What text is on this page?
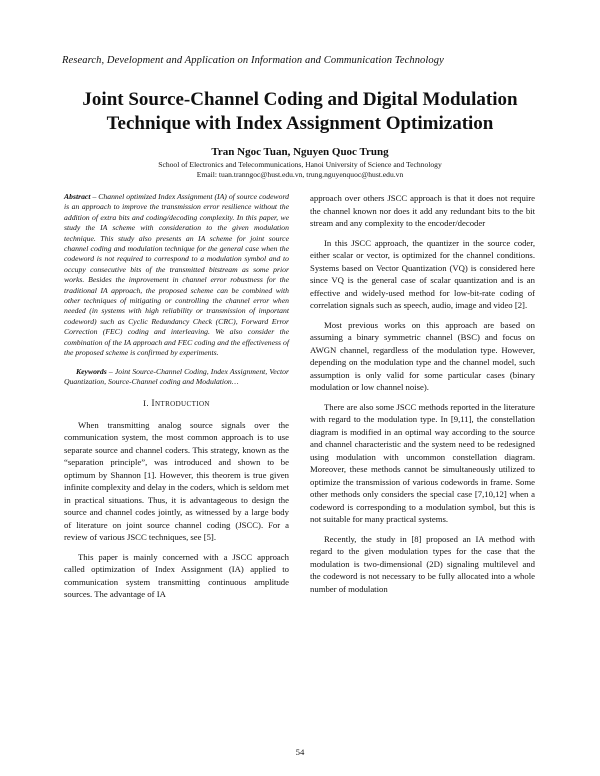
Research, Development and Application on Information and Communication Technology
Joint Source-Channel Coding and Digital Modulation
Technique with Index Assignment Optimization
Tran Ngoc Tuan, Nguyen Quoc Trung
School of Electronics and Telecommunications, Hanoi University of Science and Technology
Email: tuan.tranngoc@hust.edu.vn, trung.nguyenquoc@hust.edu.vn

Abstract – Channel optimized Index Assignment (IA) of source codeword is an approach to improve the transmission error resilience without the addition of extra bits and coding/decoding complexity. In this paper, we study the IA scheme with consideration to the given modulation technique. This study also presents an IA scheme for joint source channel coding and modulation technique for the general case when the codeword is not required to correspond to a modulation symbol and to occupy consecutive bits of the transmitted bitstream as some prior works. Besides the improvement in channel error robustness for the traditional IA approach, the proposed scheme can be combined with other techniques of mitigating or controlling the channel error when needed (in systems with high reliability or transmission of important codeword) such as Cyclic Redundancy Check (CRC), Forward Error Correction (FEC) coding and interleaving. We also consider the combination of the IA approach and FEC coding and the effectiveness of the proposed scheme is confirmed by experiments.

Keywords – Joint Source-Channel Coding, Index Assignment, Vector Quantization, Source-Channel coding and Modulation…

I. INTRODUCTION

When transmitting analog source signals over the communication system, the most common approach is to use separate source and channel coders. This strategy, known as the “separation principle”, was introduced and shown to be optimum by Shannon [1]. However, this theorem is true given infinite complexity and delay in the coders, which is seldom met in practical situations. Thus, it is advantageous to design the source and channel codes jointly, as witnessed by a large body of literature on joint source channel coding (JSCC). For a review of various JSCC techniques, see [5].

This paper is mainly concerned with a JSCC approach called optimization of Index Assignment (IA) applied to communication system transmitting continuous amplitude sources. The advantage of IA

approach over others JSCC approach is that it does not require the channel known nor does it add any redundant bits to the bit stream and any complexity to the encoder/decoder

In this JSCC approach, the quantizer in the source coder, either scalar or vector, is optimized for the channel conditions. Systems based on Vector Quantization (VQ) is considered here since VQ is the general case of scalar quantization and is an effective and widely-used method for low-bit-rate coding of correlation signals such as speech, audio, image and video [2].

Most previous works on this approach are based on assuming a binary symmetric channel (BSC) and focus on AWGN channel, regardless of the modulation type. However, depending on the modulation type and the channel model, such assumption is only valid for some particular cases (binary modulation or low channel noise).

There are also some JSCC methods reported in the literature with regard to the modulation type. In [9,11], the constellation diagram is modified in an optimal way according to the source and channel characteristic and the system need to be redesigned using modulation with uncommon constellation diagram. Moreover, these methods cannot be simultaneously utilized to optimize the transmission of various codewords in frame. Some other methods only considers the special case [7,10,12] when a codeword is corresponding to a modulation symbol, but this is not suitable for many practical systems.

Recently, the study in [8] proposed an IA method with regard to the given modulation types for the case that the modulation is two-dimensional (2D) signaling multilevel and the codeword is not necessary to be fully allocated into a whole number of modulation

54
